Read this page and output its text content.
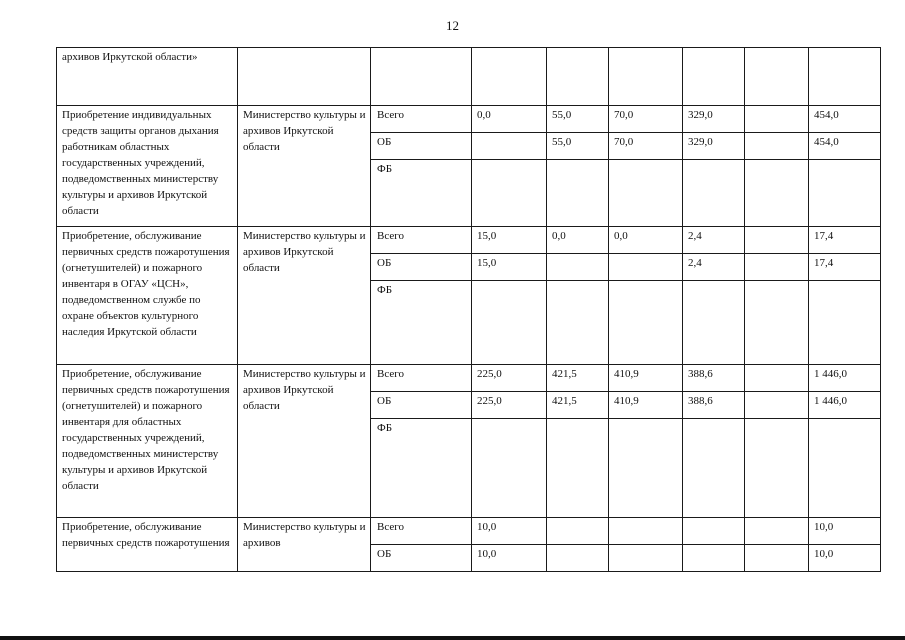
12
архивов Иркутской области»								
Приобретение индивидуальных средств защиты органов дыхания работникам областных государственных учреждений, подведомственных министерству культуры и архивов Иркутской области	Министерство культуры и архивов Иркутской области	Всего	0,0	55,0	70,0	329,0		454,0
		ОБ		55,0	70,0	329,0		454,0
		ФБ						
Приобретение, обслуживание первичных средств пожаротушения (огнетушителей) и пожарного инвентаря в ОГАУ «ЦСН», подведомственном службе по охране объектов культурного наследия Иркутской области	Министерство культуры и архивов Иркутской области	Всего	15,0	0,0	0,0	2,4		17,4
		ОБ	15,0			2,4		17,4
		ФБ						
Приобретение, обслуживание первичных средств пожаротушения (огнетушителей) и пожарного инвентаря для областных государственных учреждений, подведомственных министерству культуры и архивов Иркутской области	Министерство культуры и архивов Иркутской области	Всего	225,0	421,5	410,9	388,6		1 446,0
		ОБ	225,0	421,5	410,9	388,6		1 446,0
		ФБ						
Приобретение, обслуживание первичных средств пожаротушения	Министерство культуры и архивов	Всего	10,0					10,0
		ОБ	10,0					10,0
